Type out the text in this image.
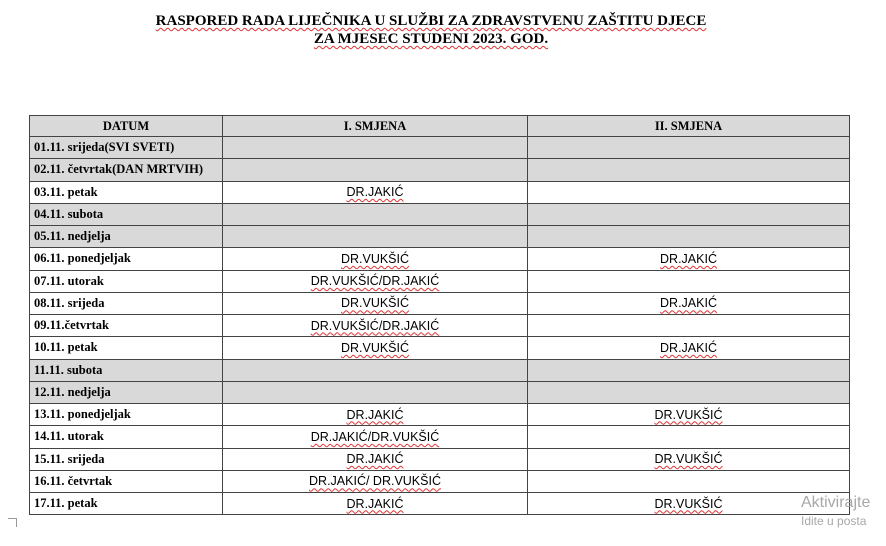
RASPORED RADA LIJEČNIKA U SLUŽBI ZA ZDRAVSTVENU ZAŠTITU DJECE
ZA MJESEC STUDENI 2023. GOD.
DATUM	I. SMJENA	II. SMJENA
01.11. srijeda(SVI SVETI)		
02.11. četvrtak(DAN MRTVIH)		
03.11. petak	DR.JAKIĆ	
04.11. subota		
05.11. nedjelja		
06.11. ponedjeljak	DR.VUKŠIĆ	DR.JAKIĆ
07.11. utorak	DR.VUKŠIĆ/DR.JAKIĆ	
08.11. srijeda	DR.VUKŠIĆ	DR.JAKIĆ
09.11.četvrtak	DR.VUKŠIĆ/DR.JAKIĆ	
10.11. petak	DR.VUKŠIĆ	DR.JAKIĆ
11.11. subota		
12.11. nedjelja		
13.11. ponedjeljak	DR.JAKIĆ	DR.VUKŠIĆ
14.11. utorak	DR.JAKIĆ/DR.VUKŠIĆ	
15.11. srijeda	DR.JAKIĆ	DR.VUKŠIĆ
16.11. četvrtak	DR.JAKIĆ/ DR.VUKŠIĆ	
17.11. petak	DR.JAKIĆ	DR.VUKŠIĆ	Aktivirajte
Idite u posta
